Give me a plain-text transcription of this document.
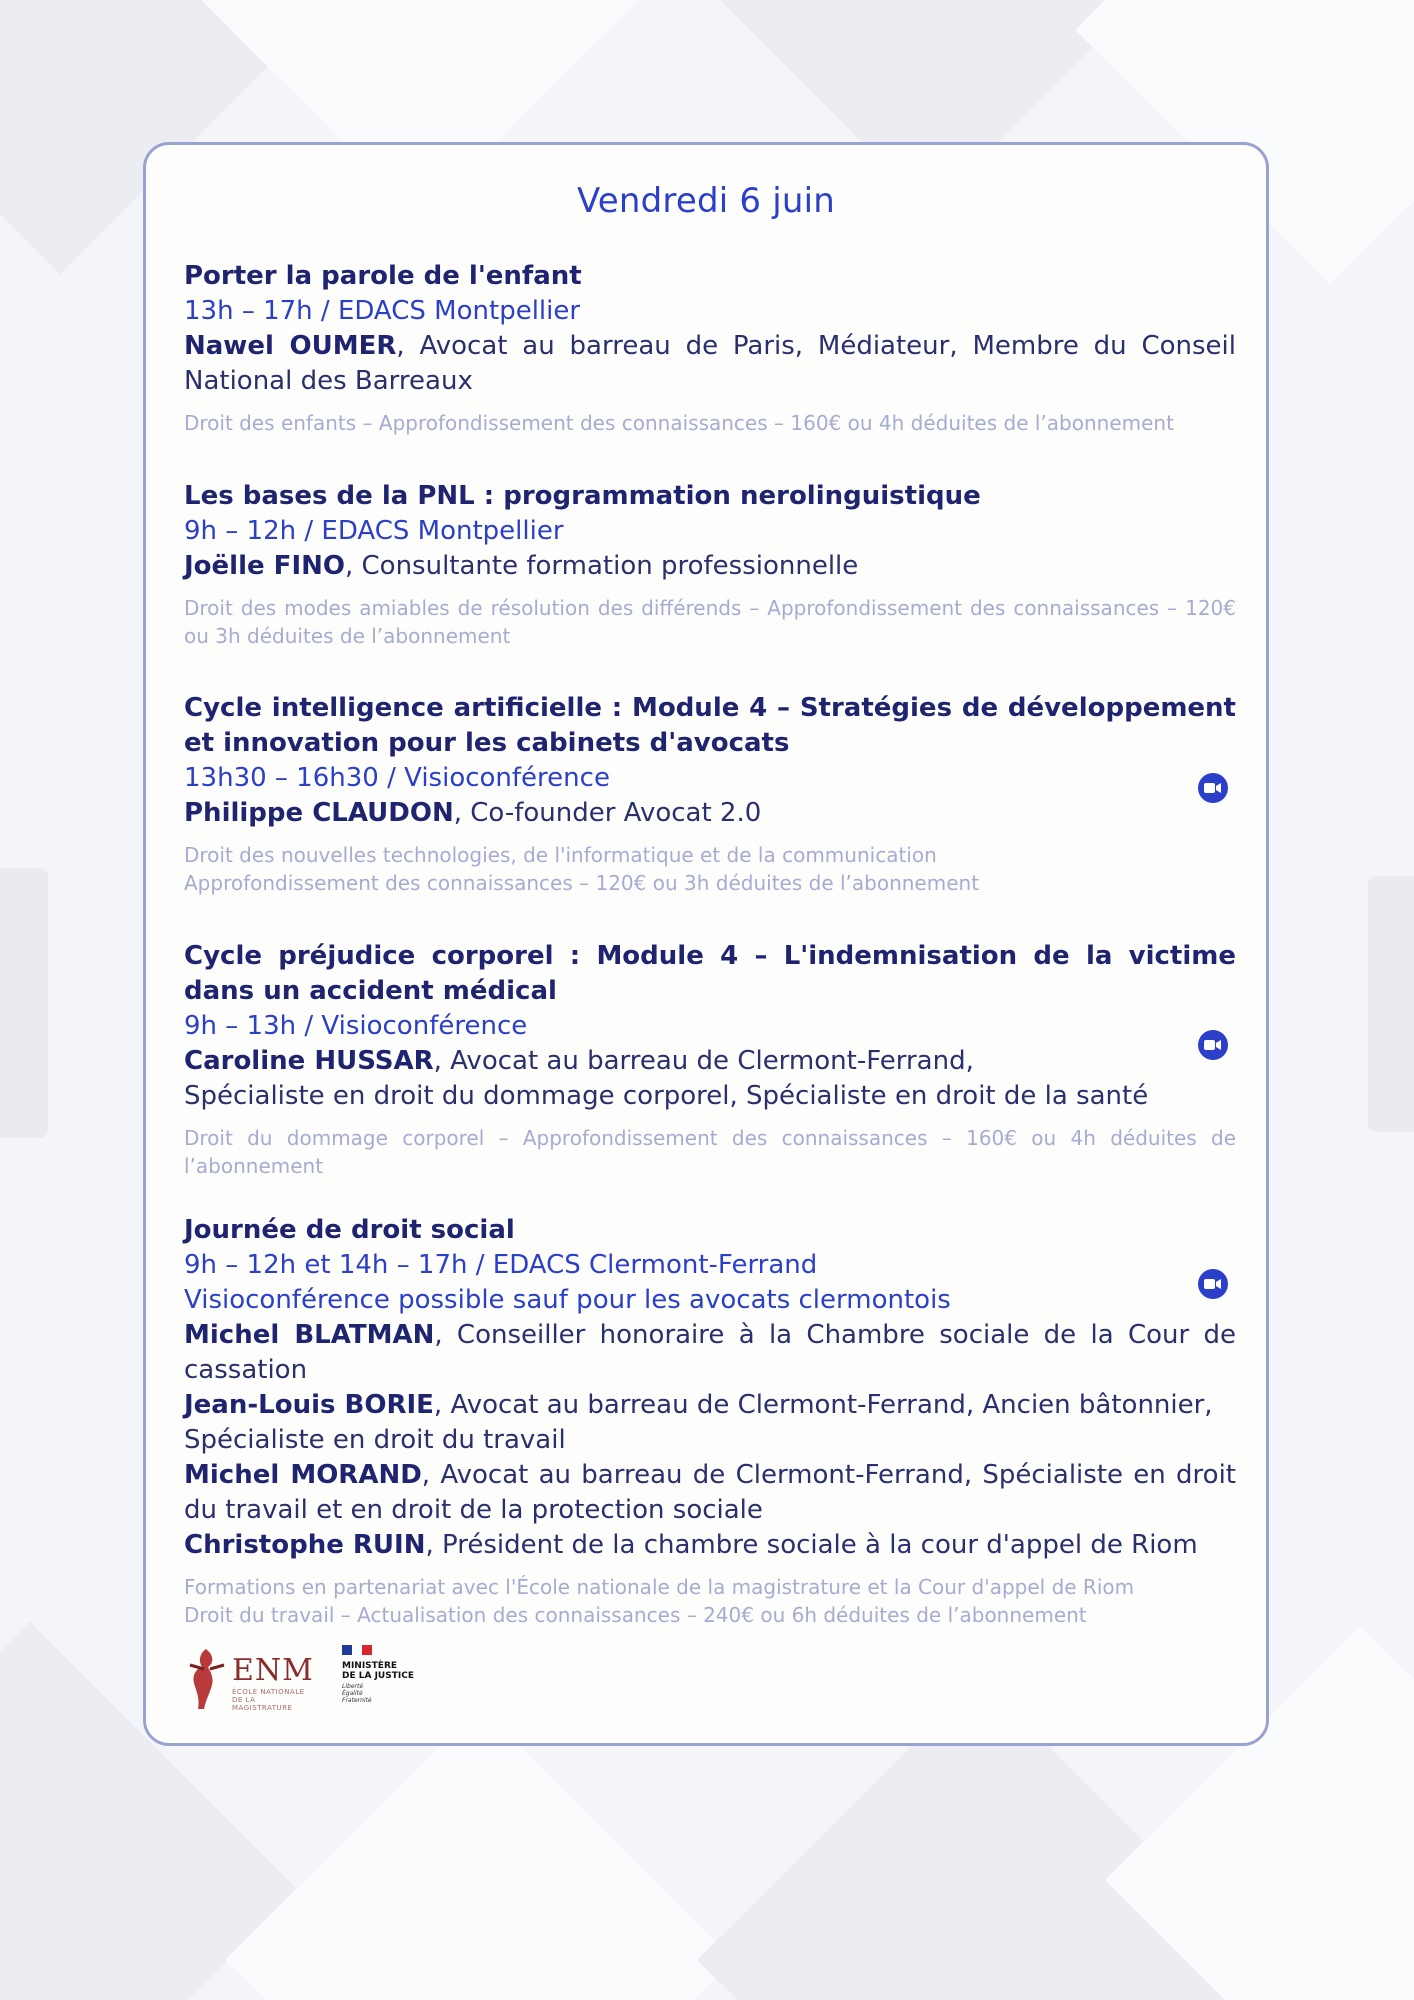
Vendredi 6 juin
Porter la parole de l'enfant
13h – 17h / EDACS Montpellier
Nawel OUMER, Avocat au barreau de Paris, Médiateur, Membre du Conseil National des Barreaux
Droit des enfants – Approfondissement des connaissances – 160€ ou 4h déduites de l’abonnement
Les bases de la PNL : programmation nerolinguistique
9h – 12h / EDACS Montpellier
Joëlle FINO, Consultante formation professionnelle
Droit des modes amiables de résolution des différends – Approfondissement des connaissances – 120€ ou 3h déduites de l’abonnement
Cycle intelligence artificielle : Module 4 – Stratégies de développement et innovation pour les cabinets d'avocats
13h30 – 16h30 / Visioconférence
Philippe CLAUDON, Co-founder Avocat 2.0
Droit des nouvelles technologies, de l'informatique et de la communication
Approfondissement des connaissances – 120€ ou 3h déduites de l’abonnement
Cycle préjudice corporel : Module 4 – L'indemnisation de la victime dans un accident médical
9h – 13h / Visioconférence
Caroline HUSSAR, Avocat au barreau de Clermont-Ferrand,
Spécialiste en droit du dommage corporel, Spécialiste en droit de la santé
Droit du dommage corporel – Approfondissement des connaissances – 160€ ou 4h déduites de l’abonnement
Journée de droit social
9h – 12h et 14h – 17h / EDACS Clermont-Ferrand
Visioconférence possible sauf pour les avocats clermontois
Michel BLATMAN, Conseiller honoraire à la Chambre sociale de la Cour de cassation
Jean-Louis BORIE, Avocat au barreau de Clermont-Ferrand, Ancien bâtonnier,
Spécialiste en droit du travail
Michel MORAND, Avocat au barreau de Clermont-Ferrand, Spécialiste en droit du travail et en droit de la protection sociale
Christophe RUIN, Président de la chambre sociale à la cour d'appel de Riom
Formations en partenariat avec l'École nationale de la magistrature et la Cour d'appel de Riom
Droit du travail – Actualisation des connaissances – 240€ ou 6h déduites de l’abonnement
ENM
ÉCOLE NATIONALE DE LA MAGISTRATURE
MINISTÈRE
DE LA JUSTICE
Liberté
Égalité
Fraternité
